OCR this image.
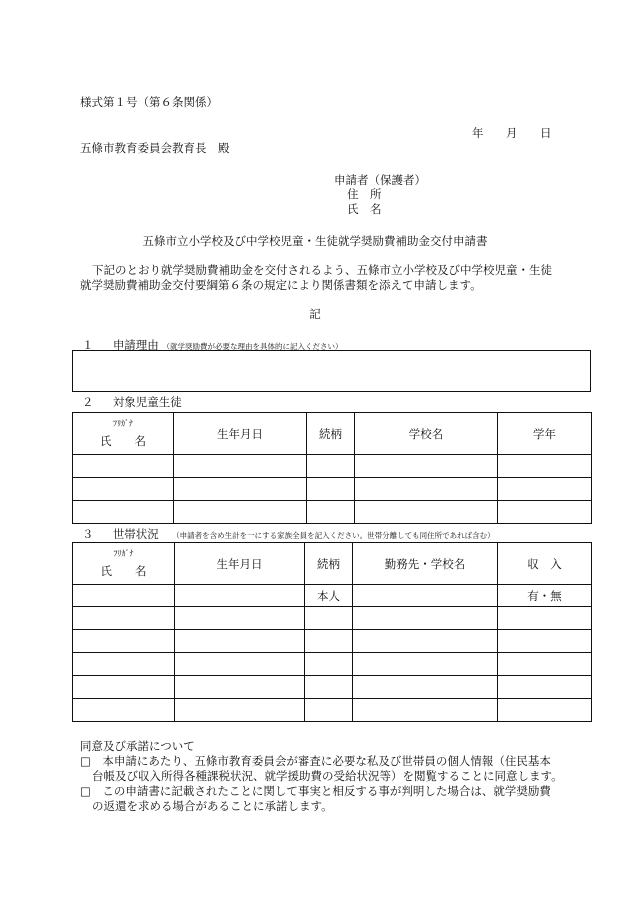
様式第１号（第６条関係）
年 月 日
五條市教育委員会教育長　殿
申請者（保護者）
住　所
氏　名
五條市立小学校及び中学校児童・生徒就学奨励費補助金交付申請書
下記のとおり就学奨励費補助金を交付されるよう、五條市立小学校及び中学校児童・生徒
就学奨励費補助金交付要綱第６条の規定により関係書類を添えて申請します。
記
１ 申請理由 （就学奨励費が必要な理由を具体的に記入ください）
２ 対象児童生徒
ﾌﾘｶﾞﾅ
氏　　名	生年月日	続柄	学校名	学年

３ 世帯状況 （申請者を含め生計を一にする家族全員を記入ください。世帯分離しても同住所であれば含む）
ﾌﾘｶﾞﾅ
氏　　名	生年月日	続柄	勤務先・学校名	収　入
		本人		有・無

同意及び承諾について
□　本申請にあたり、五條市教育委員会が審査に必要な私及び世帯員の個人情報（住民基本
台帳及び収入所得各種課税状況、就学援助費の受給状況等）を閲覧することに同意します。
□　この申請書に記載されたことに関して事実と相反する事が判明した場合は、就学奨励費
の返還を求める場合があることに承諾します。
